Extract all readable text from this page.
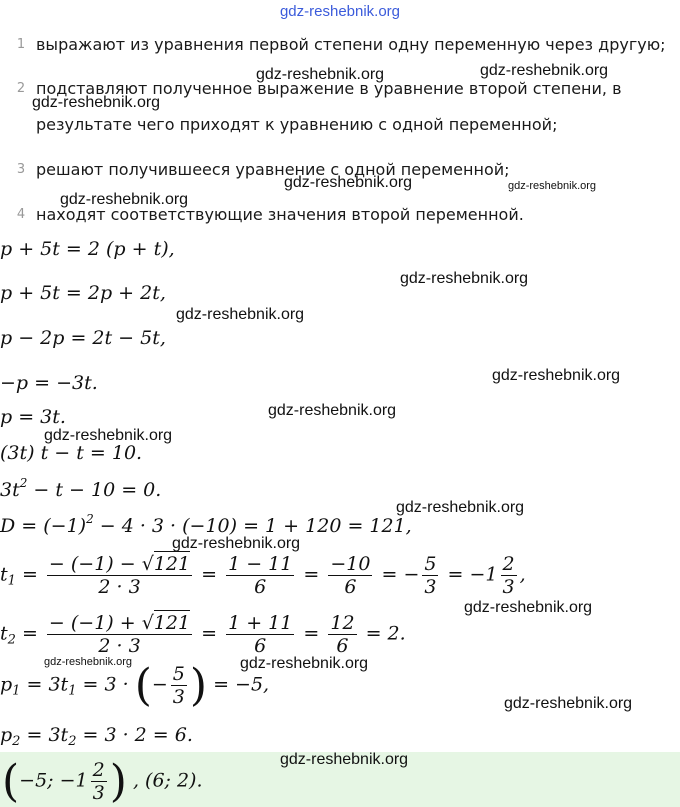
gdz-reshebnik.org
1 выражают из уравнения первой степени одну переменную через другую;
2 подставляют полученное выражение в уравнение второй степени, в
результате чего приходят к уравнению с одной переменной;
3 решают получившееся уравнение с одной переменной;
4 находят соответствующие значения второй переменной.
p + 5t = 2 (p + t),
p + 5t = 2p + 2t,
p − 2p = 2t − 5t,
−p = −3t.
p = 3t.
(3t) t − t = 10.
$3t^2 - t - 10 = 0$.
$D = (-1)^2 - 4 \cdot 3 \cdot (-10) = 1 + 120 = 121$,
$t_1 = \frac{- (-1) - √121}{2 \cdot 3} = \frac{1 - 11}{6} = \frac{-10}{6}$ = − $\frac{5}{3} = -1 \frac{2}{3}$ ,
$t_2 = \frac{- (-1) + √121}{2 \cdot 3} = \frac{1 + 11}{6} = \frac{12}{6} = 2$.
$p_1 = 3t_1 = 3$ · (− $\frac{5}{3}$ ) = −5,
$p_2 = 3t_2 = 3 \cdot 2 = 6$.
(−5; $-1 \frac{2}{3}$ ) , (6; 2).
gdz-reshebnik.org	gdz-reshebnik.org
gdz-reshebnik.org
gdz-reshebnik.org	gdz-reshebnik.org
gdz-reshebnik.org
gdz-reshebnik.org
gdz-reshebnik.org
gdz-reshebnik.org
gdz-reshebnik.org
gdz-reshebnik.org
gdz-reshebnik.org
gdz-reshebnik.org
gdz-reshebnik.org
gdz-reshebnik.org	gdz-reshebnik.org
gdz-reshebnik.org
gdz-reshebnik.org
